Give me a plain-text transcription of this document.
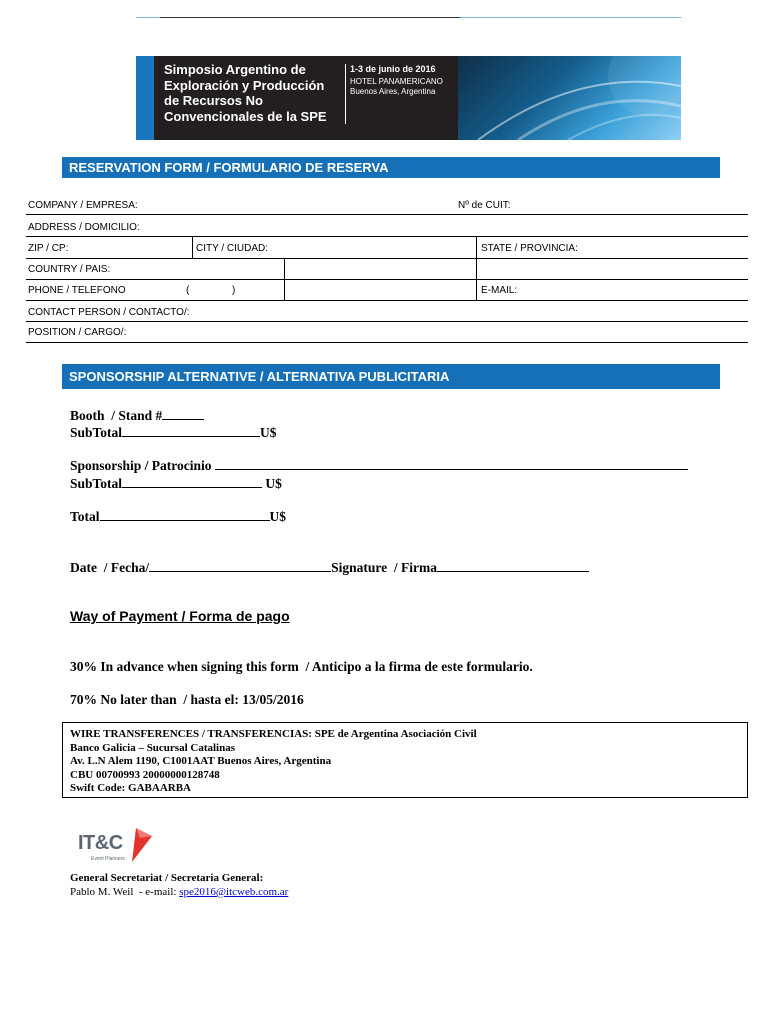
Simposio Argentino de
Exploración y Producción
de Recursos No
Convencionales de la SPE
1-3 de junio de 2016
HOTEL PANAMERICANO
Buenos Aires, Argentina
RESERVATION FORM / FORMULARIO DE RESERVA
COMPANY / EMPRESA:	Nº de CUIT:
ADDRESS / DOMICILIO:
ZIP / CP:	CITY / CIUDAD:	STATE / PROVINCIA:
COUNTRY / PAIS:
PHONE / TELEFONO	(	)	E-MAIL:
CONTACT PERSON / CONTACTO/:
POSITION / CARGO/:
SPONSORSHIP ALTERNATIVE / ALTERNATIVA PUBLICITARIA
Booth  / Stand #
SubTotal	U$
Sponsorship / Patrocinio
SubTotal	U$
Total	U$
Date  / Fecha/	Signature  / Firma
Way of Payment / Forma de pago
30% In advance when signing this form  / Anticipo a la firma de este formulario.
70% No later than  / hasta el: 13/05/2016
WIRE TRANSFERENCES / TRANSFERENCIAS: SPE de Argentina Asociación Civil
Banco Galicia – Sucursal Catalinas
Av. L.N Alem 1190, C1001AAT Buenos Aires, Argentina
CBU 00700993 20000000128748
Swift Code: GABAARBA
IT&C
Event Planners
General Secretariat / Secretaria General:
Pablo M. Weil  - e-mail: spe2016@itcweb.com.ar
